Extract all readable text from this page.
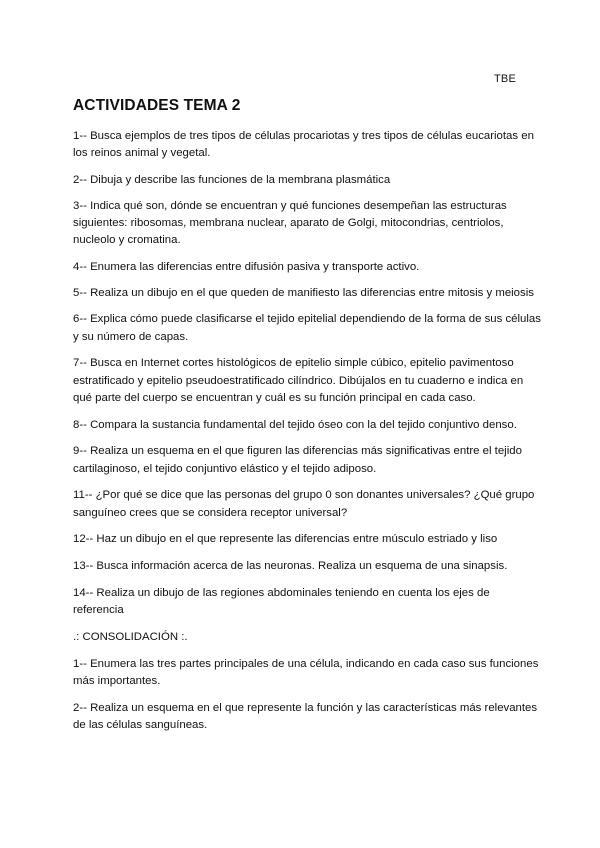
TBE
ACTIVIDADES TEMA 2

1-- Busca ejemplos de tres tipos de células procariotas y tres tipos de células eucariotas en los reinos animal y vegetal.

2-- Dibuja y describe las funciones de la membrana plasmática

3-- Indica qué son, dónde se encuentran y qué funciones desempeñan las estructuras siguientes: ribosomas, membrana nuclear, aparato de Golgi, mitocondrias, centriolos, nucleolo y cromatina.

4-- Enumera las diferencias entre difusión pasiva y transporte activo.

5-- Realiza un dibujo en el que queden de manifiesto las diferencias entre mitosis y meiosis

6-- Explica cómo puede clasificarse el tejido epitelial dependiendo de la forma de sus células y su número de capas.

7-- Busca en Internet cortes histológicos de epitelio simple cúbico, epitelio pavimentoso estratificado y epitelio pseudoestratificado cilíndrico. Dibújalos en tu cuaderno e indica en qué parte del cuerpo se encuentran y cuál es su función principal en cada caso.

8-- Compara la sustancia fundamental del tejido óseo con la del tejido conjuntivo denso.

9-- Realiza un esquema en el que figuren las diferencias más significativas entre el tejido cartilaginoso, el tejido conjuntivo elástico y el tejido adiposo.

11-- ¿Por qué se dice que las personas del grupo 0 son donantes universales? ¿Qué grupo sanguíneo crees que se considera receptor universal?

12-- Haz un dibujo en el que represente las diferencias entre músculo estriado y liso

13-- Busca información acerca de las neuronas. Realiza un esquema de una sinapsis.

14-- Realiza un dibujo de las regiones abdominales teniendo en cuenta los ejes de referencia

.: CONSOLIDACIÓN :.

1-- Enumera las tres partes principales de una célula, indicando en cada caso sus funciones más importantes.

2-- Realiza un esquema en el que represente la función y las características más relevantes de las células sanguíneas.
